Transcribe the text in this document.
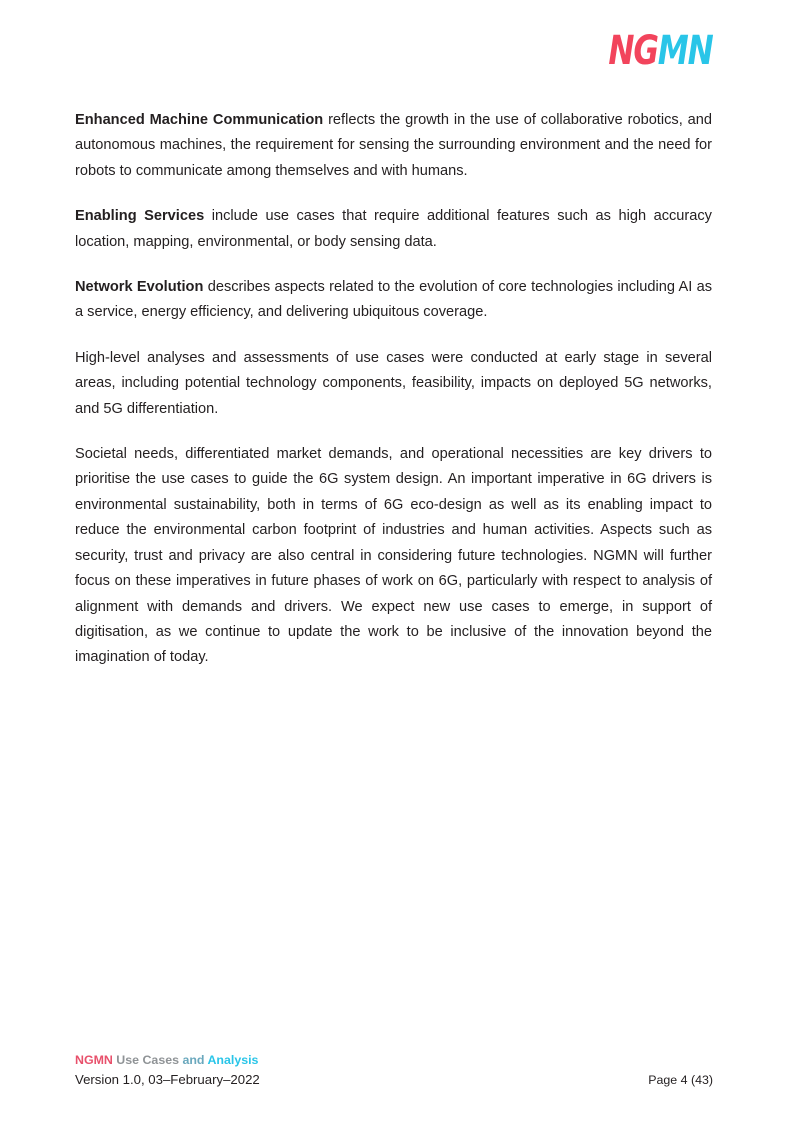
NGMN

Enhanced Machine Communication reflects the growth in the use of collaborative robotics, and autonomous machines, the requirement for sensing the surrounding environment and the need for robots to communicate among themselves and with humans.

Enabling Services include use cases that require additional features such as high accuracy location, mapping, environmental, or body sensing data.

Network Evolution describes aspects related to the evolution of core technologies including AI as a service, energy efficiency, and delivering ubiquitous coverage.

High-level analyses and assessments of use cases were conducted at early stage in several areas, including potential technology components, feasibility, impacts on deployed 5G networks, and 5G differentiation.

Societal needs, differentiated market demands, and operational necessities are key drivers to prioritise the use cases to guide the 6G system design. An important imperative in 6G drivers is environmental sustainability, both in terms of 6G eco-design as well as its enabling impact to reduce the environmental carbon footprint of industries and human activities. Aspects such as security, trust and privacy are also central in considering future technologies. NGMN will further focus on these imperatives in future phases of work on 6G, particularly with respect to analysis of alignment with demands and drivers. We expect new use cases to emerge, in support of digitisation, as we continue to update the work to be inclusive of the innovation beyond the imagination of today.

NGMN Use Cases and Analysis
Version 1.0, 03–February–2022	Page 4 (43)
